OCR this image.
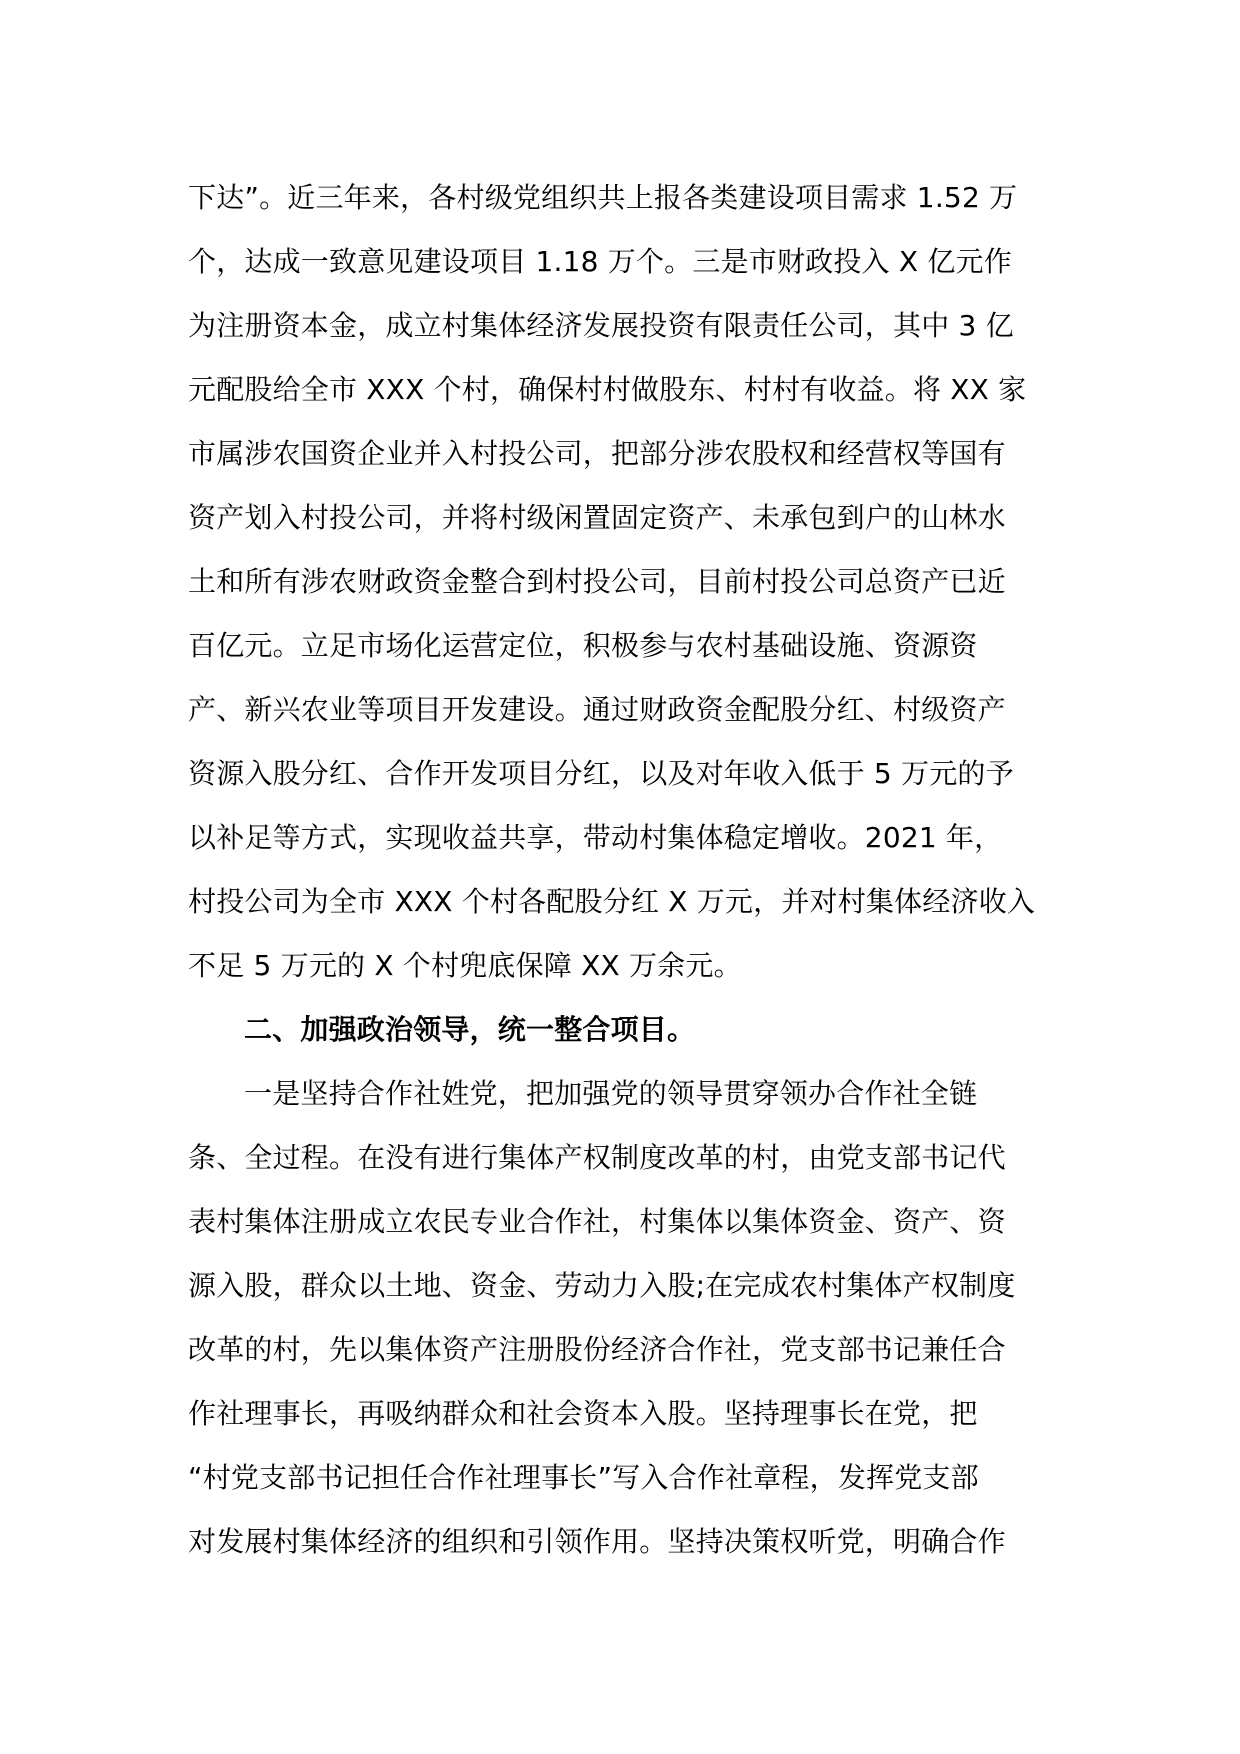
下达”。近三年来，各村级党组织共上报各类建设项目需求 1.52 万
个，达成一致意见建设项目 1.18 万个。三是市财政投入 X 亿元作
为注册资本金，成立村集体经济发展投资有限责任公司，其中 3 亿
元配股给全市 XXX 个村，确保村村做股东、村村有收益。将 XX 家
市属涉农国资企业并入村投公司，把部分涉农股权和经营权等国有
资产划入村投公司，并将村级闲置固定资产、未承包到户的山林水
土和所有涉农财政资金整合到村投公司，目前村投公司总资产已近
百亿元。立足市场化运营定位，积极参与农村基础设施、资源资
产、新兴农业等项目开发建设。通过财政资金配股分红、村级资产
资源入股分红、合作开发项目分红，以及对年收入低于 5 万元的予
以补足等方式，实现收益共享，带动村集体稳定增收。2021 年，
村投公司为全市 XXX 个村各配股分红 X 万元，并对村集体经济收入
不足 5 万元的 X 个村兜底保障 XX 万余元。
二、加强政治领导，统一整合项目。
一是坚持合作社姓党，把加强党的领导贯穿领办合作社全链
条、全过程。在没有进行集体产权制度改革的村，由党支部书记代
表村集体注册成立农民专业合作社，村集体以集体资金、资产、资
源入股，群众以土地、资金、劳动力入股;在完成农村集体产权制度
改革的村，先以集体资产注册股份经济合作社，党支部书记兼任合
作社理事长，再吸纳群众和社会资本入股。坚持理事长在党，把
“村党支部书记担任合作社理事长”写入合作社章程，发挥党支部
对发展村集体经济的组织和引领作用。坚持决策权听党，明确合作
